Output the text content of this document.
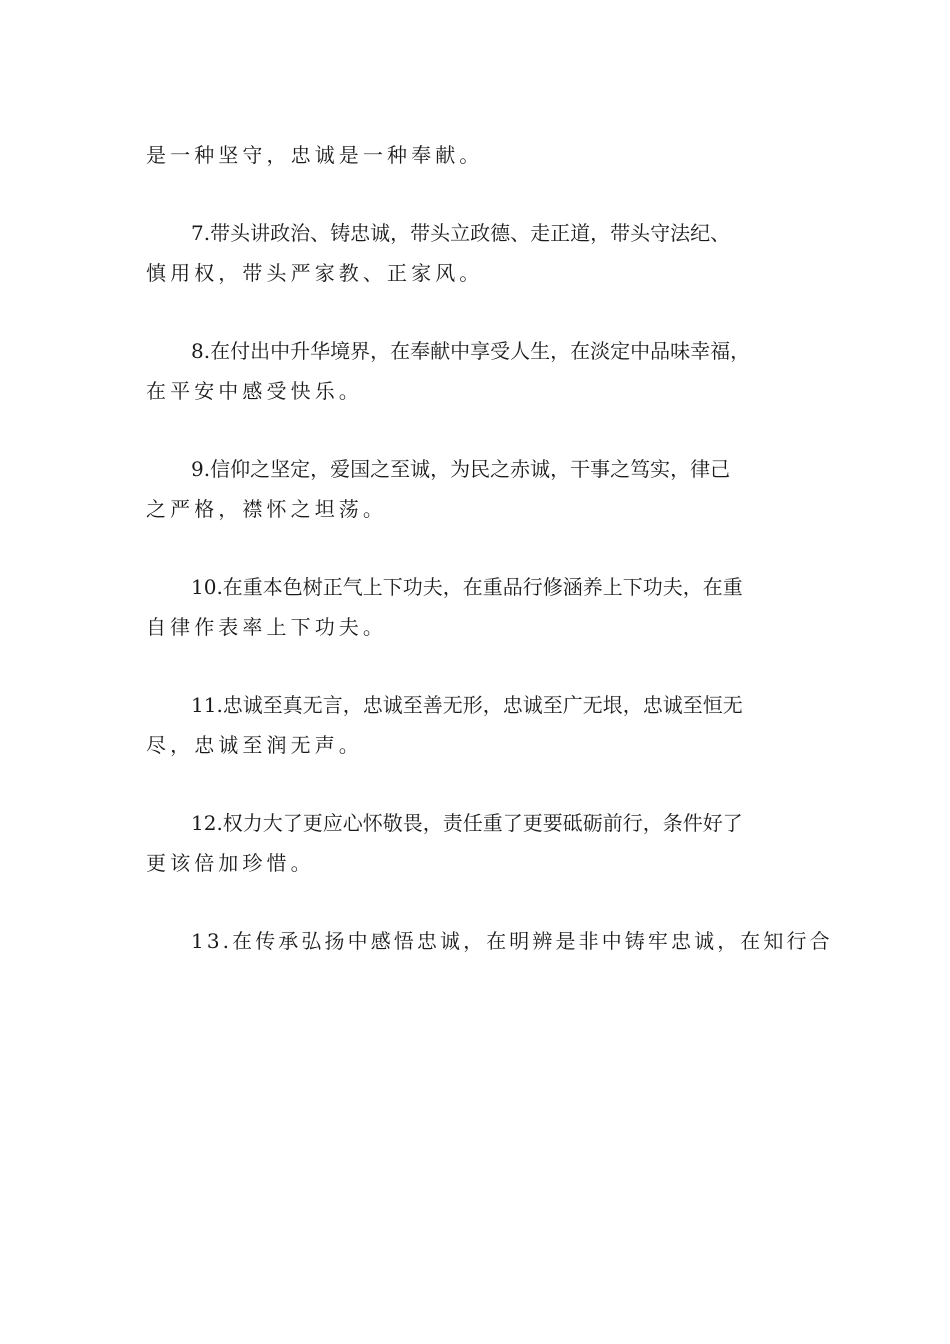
是一种坚守，忠诚是一种奉献。
7.带头讲政治、铸忠诚，带头立政德、走正道，带头守法纪、
慎用权，带头严家教、正家风。
8.在付出中升华境界，在奉献中享受人生，在淡定中品味幸福，
在平安中感受快乐。
9.信仰之坚定，爱国之至诚，为民之赤诚，干事之笃实，律己
之严格，襟怀之坦荡。
10.在重本色树正气上下功夫，在重品行修涵养上下功夫，在重
自律作表率上下功夫。
11.忠诚至真无言，忠诚至善无形，忠诚至广无垠，忠诚至恒无
尽，忠诚至润无声。
12.权力大了更应心怀敬畏，责任重了更要砥砺前行，条件好了
更该倍加珍惜。
13.在传承弘扬中感悟忠诚，在明辨是非中铸牢忠诚，在知行合
